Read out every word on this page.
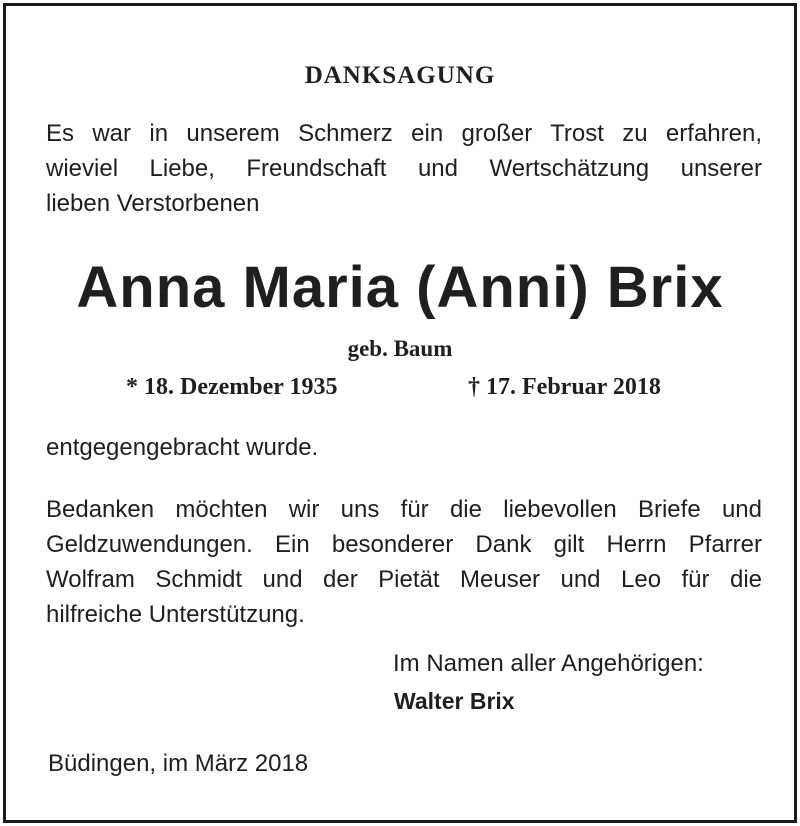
DANKSAGUNG
Es war in unserem Schmerz ein großer Trost zu erfahren,
wieviel Liebe, Freundschaft und Wertschätzung unserer
lieben Verstorbenen
Anna Maria (Anni) Brix
geb. Baum
* 18. Dezember 1935	† 17. Februar 2018
entgegengebracht wurde.
Bedanken möchten wir uns für die liebevollen Briefe und
Geldzuwendungen. Ein besonderer Dank gilt Herrn Pfarrer
Wolfram Schmidt und der Pietät Meuser und Leo für die
hilfreiche Unterstützung.
Im Namen aller Angehörigen:
Walter Brix
Büdingen, im März 2018
